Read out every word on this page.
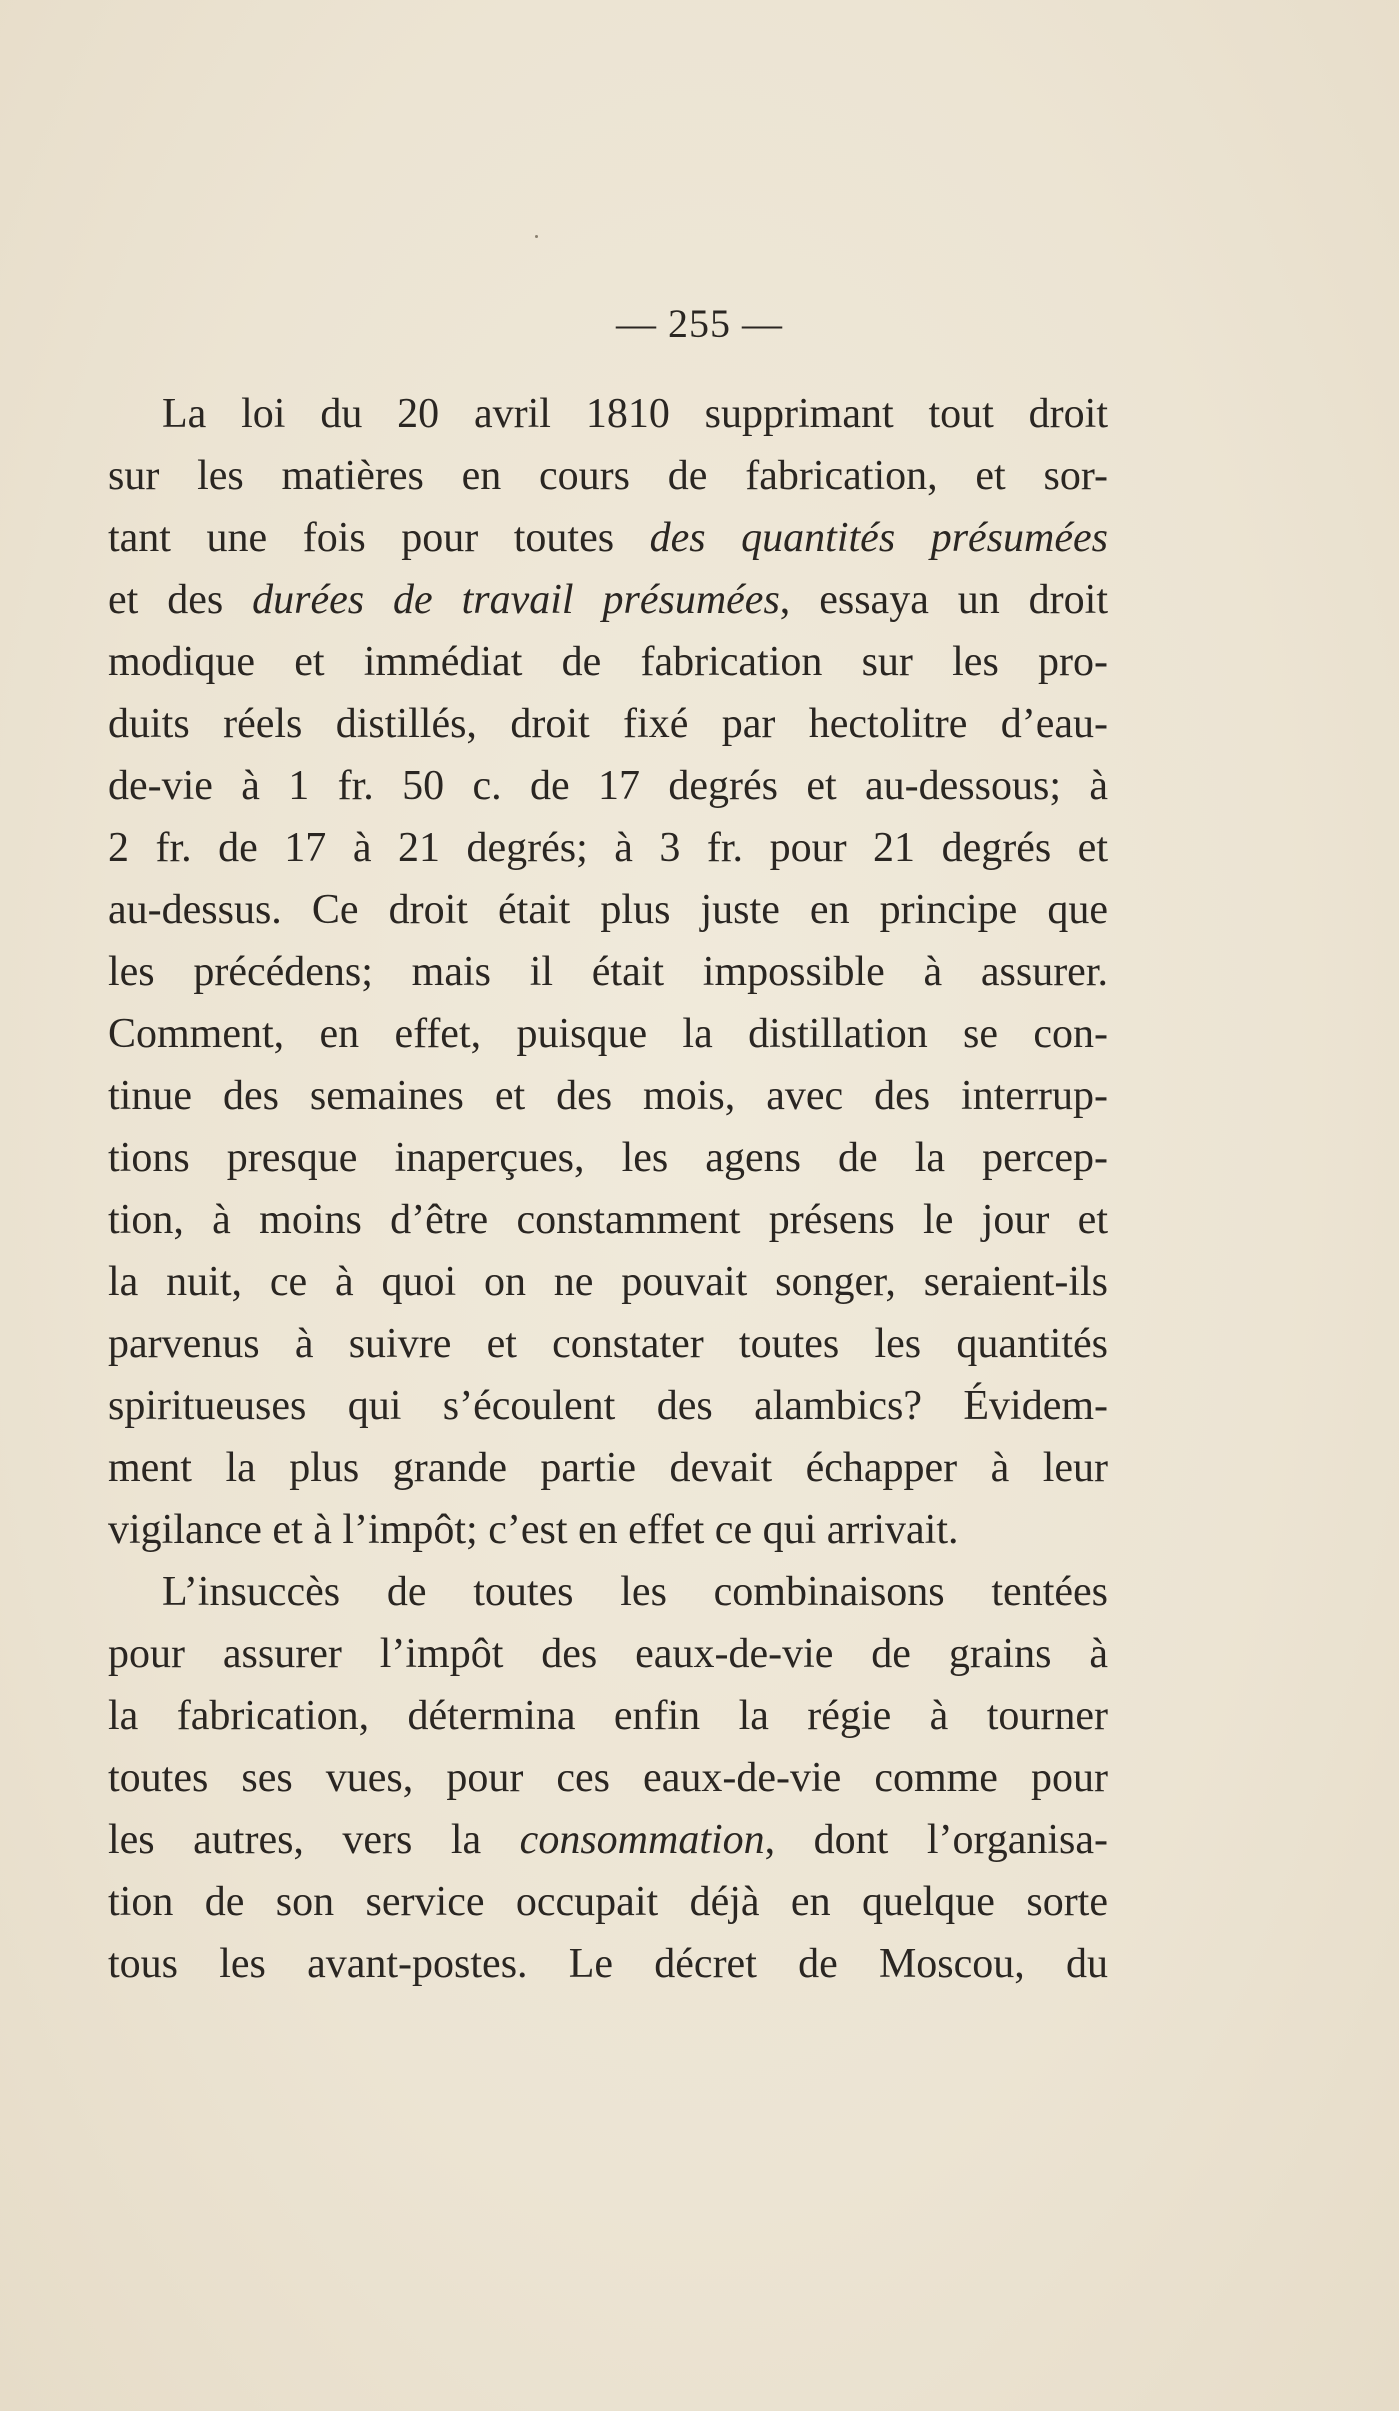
— 255 —
La loi du 20 avril 1810 supprimant tout droit
sur les matières en cours de fabrication, et sor-
tant une fois pour toutes des quantités présumées
et des durées de travail présumées, essaya un droit
modique et immédiat de fabrication sur les pro-
duits réels distillés, droit fixé par hectolitre d’eau-
de-vie à 1 fr. 50 c. de 17 degrés et au-dessous; à
2 fr. de 17 à 21 degrés; à 3 fr. pour 21 degrés et
au-dessus. Ce droit était plus juste en principe que
les précédens; mais il était impossible à assurer.
Comment, en effet, puisque la distillation se con-
tinue des semaines et des mois, avec des interrup-
tions presque inaperçues, les agens de la percep-
tion, à moins d’être constamment présens le jour et
la nuit, ce à quoi on ne pouvait songer, seraient-ils
parvenus à suivre et constater toutes les quantités
spiritueuses qui s’écoulent des alambics? Évidem-
ment la plus grande partie devait échapper à leur
vigilance et à l’impôt; c’est en effet ce qui arrivait.
L’insuccès de toutes les combinaisons tentées
pour assurer l’impôt des eaux-de-vie de grains à
la fabrication, détermina enfin la régie à tourner
toutes ses vues, pour ces eaux-de-vie comme pour
les autres, vers la consommation, dont l’organisa-
tion de son service occupait déjà en quelque sorte
tous les avant-postes. Le décret de Moscou, du
